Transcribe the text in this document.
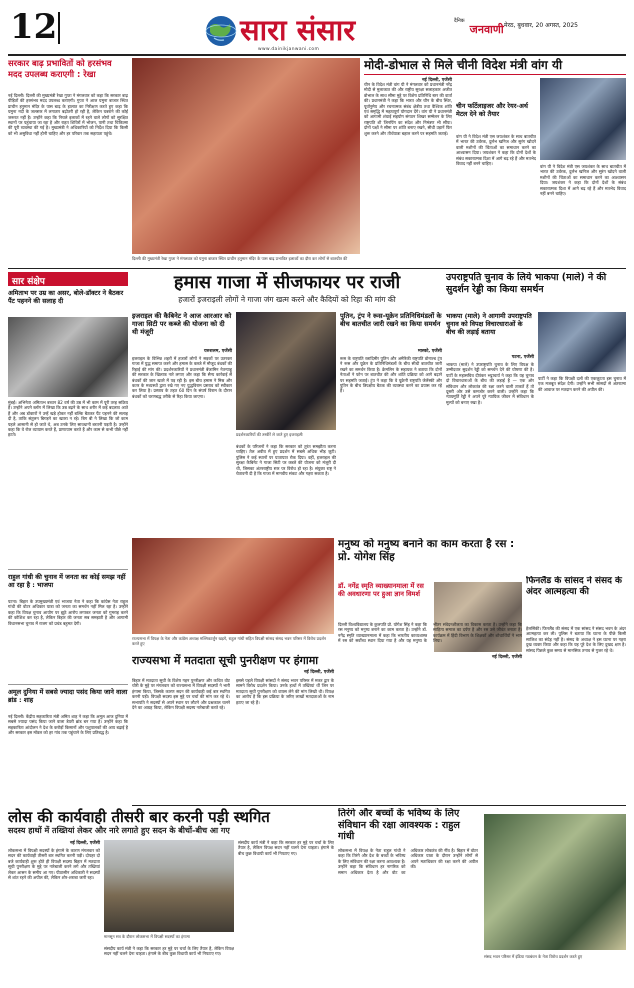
12	सारा संसार
www.dainikjanwani.com
$^{दैनिक}$ जनवाणी मेरठ, बुधवार, 20 अगस्त, 2025
सरकार बाढ़ प्रभावितों को हरसंभव मदद उपलब्ध कराएगी : रेखा
नई दिल्ली। दिल्ली की मुख्यमंत्री रेखा गुप्ता ने मंगलवार को कहा कि सरकार बाढ़ पीड़ितों की हरसंभव मदद उपलब्ध कराएगी। गुप्ता ने आज यमुना बाजार स्थित प्राचीन हनुमान मंदिर के पास बाढ़ के हालात का निरीक्षण करते हुए कहा कि यमुना नदी के जलस्तर में लगातार बढ़ोतरी हो रही है, लेकिन घबराने की कोई जरूरत नहीं है। उन्होंने कहा कि निचले इलाकों में रहने वाले लोगों को सुरक्षित स्थानों पर पहुंचाया जा रहा है और राहत शिविरों में भोजन, पानी तथा चिकित्सा की पूरी व्यवस्था की गई है। मुख्यमंत्री ने अधिकारियों को निर्देश दिया कि किसी को भी असुविधा नहीं होनी चाहिए और हर परिवार तक सहायता पहुंचे।
दिल्ली की मुख्यमंत्री रेखा गुप्ता ने मंगलवार को यमुना बाजार स्थित प्राचीन हनुमान मंदिर के पास बाढ़ प्रभावित इलाकों का दौरा कर लोगों से बातचीत की
मोदी-डोभाल से मिले चीनी विदेश मंत्री वांग यी
नई दिल्ली, एजेंसी
चीन के विदेश मंत्री वांग यी ने मंगलवार को प्रधानमंत्री नरेंद्र मोदी से मुलाकात की और राष्ट्रीय सुरक्षा सलाहकार अजीत डोभाल के साथ सीमा मुद्दे पर विशेष प्रतिनिधि स्तर की वार्ता की। प्रधानमंत्री ने कहा कि भारत और चीन के बीच स्थिर, पूर्वानुमेय और रचनात्मक संबंध क्षेत्रीय तथा वैश्विक शांति एवं समृद्धि में महत्वपूर्ण योगदान देंगे। वांग यी ने प्रधानमंत्री को आगामी शंघाई सहयोग संगठन शिखर सम्मेलन के लिए राष्ट्रपति शी जिनपिंग का संदेश और निमंत्रण भी सौंपा। दोनों पक्षों ने सीमा पर शांति बनाए रखने, सीधी उड़ानें फिर शुरू करने और तीर्थयात्रा बहाल करने पर सहमति जताई।
चीन फर्टिलाइजर और रेयर-अर्थ मेटल देने को तैयार
वांग यी ने विदेश मंत्री एस जयशंकर के साथ बातचीत में भारत की उर्वरक, दुर्लभ खनिज और सुरंग खोदने वाली मशीनों की चिंताओं का समाधान करने का आश्वासन दिया। जयशंकर ने कहा कि दोनों देशों के संबंध सकारात्मक दिशा में आगे बढ़ रहे हैं और मतभेद विवाद नहीं बनने चाहिए।
वांग यी ने विदेश मंत्री एस जयशंकर के साथ बातचीत में भारत की उर्वरक, दुर्लभ खनिज और सुरंग खोदने वाली मशीनों की चिंताओं का समाधान करने का आश्वासन दिया। जयशंकर ने कहा कि दोनों देशों के संबंध सकारात्मक दिशा में आगे बढ़ रहे हैं और मतभेद विवाद नहीं बनने चाहिए।
सार संक्षेप
अमिताभ पर उम्र का असर, बोले-डॉक्टर ने बैठकर पैंट पहनने की सलाह दी
मुंबई। अभिनेता अमिताभ बच्चन 82 वर्ष की उम्र में भी काम में पूरी तरह सक्रिय हैं। उन्होंने अपने ब्लॉग में लिखा कि उम्र बढ़ने के साथ शरीर में कई बदलाव आते हैं और अब डॉक्टरों ने उन्हें खड़े होकर नहीं बल्कि बैठकर पैंट पहनने की सलाह दी है, ताकि संतुलन बिगड़ने का खतरा न रहे। बिग बी ने लिखा कि जो काम पहले आसानी से हो जाते थे, अब उनके लिए सावधानी बरतनी पड़ती है। उन्होंने कहा कि वे रोज व्यायाम करते हैं, प्राणायाम करते हैं और काम से कभी पीछे नहीं हटते।
राहुल गांधी की चुनाव में जनता का कोई समझ नहीं आ रहा है : भाजपा
पटना। बिहार के उपमुख्यमंत्री एवं भाजपा नेता ने कहा कि कांग्रेस नेता राहुल गांधी की वोटर अधिकार यात्रा को जनता का समर्थन नहीं मिल रहा है। उन्होंने कहा कि विपक्ष चुनाव आयोग पर झूठे आरोप लगाकर जनता को गुमराह करने की कोशिश कर रहा है, लेकिन बिहार की जनता सब समझती है और आगामी विधानसभा चुनाव में राजग को प्रचंड बहुमत देगी।
अमूल दुनिया में सबसे ज्यादा पसंद किया जाने वाला ब्रांड : शाह
नई दिल्ली। केंद्रीय सहकारिता मंत्री अमित शाह ने कहा कि अमूल आज दुनिया में सबसे ज्यादा पसंद किया जाने वाला डेयरी ब्रांड बन गया है। उन्होंने कहा कि सहकारिता आंदोलन ने देश के करोड़ों किसानों और पशुपालकों की आय बढ़ाई है और सरकार इस मॉडल को हर गांव तक पहुंचाने के लिए प्रतिबद्ध है।
हमास गाजा में सीजफायर पर राजी
हजारों इजराइली लोगों ने गाजा जंग खत्म करने और कैदियों को रिहा की मांग की
इजराइल की कैबिनेट ने आज आरआर को गाजा सिटी पर कब्जे की योजना को दी थी मंजूरी
यरुशलम, एजेंसी
इजराइल के विभिन्न शहरों में हजारों लोगों ने सड़कों पर उतरकर गाजा में युद्ध समाप्त करने और हमास के कब्जे में मौजूद बंधकों की रिहाई की मांग की। प्रदर्शनकारियों ने प्रधानमंत्री बेंजामिन नेतन्याहू की सरकार के खिलाफ नारे लगाए और कहा कि सैन्य कार्रवाई से बंधकों की जान खतरे में पड़ रही है। इस बीच हमास ने मिस्र और कतर के मध्यस्थों द्वारा रखे गए नए युद्धविराम प्रस्ताव को स्वीकार कर लिया है। प्रस्ताव के तहत 60 दिन के संघर्ष विराम के दौरान बंधकों को चरणबद्ध तरीके से रिहा किया जाएगा।
प्रदर्शनकारियों की तस्वीरें ले जाते हुए इजराइली
बंधकों के परिजनों ने कहा कि सरकार को तुरंत समझौता करना चाहिए। तेल अवीव में हुए प्रदर्शन में सबसे अधिक भीड़ जुटी। पुलिस ने कई स्थानों पर यातायात रोक दिया। वहीं, इजराइल की सुरक्षा कैबिनेट ने गाजा सिटी पर कब्जे की योजना को मंजूरी दी थी, जिसका अंतरराष्ट्रीय स्तर पर विरोध हो रहा है। संयुक्त राष्ट्र ने चेतावनी दी है कि गाजा में मानवीय संकट और गहरा सकता है।
पुतिन, ट्रंप ने रूस-यूक्रेन प्रतिनिधिमंडलों के बीच बातचीत जारी रखने का किया समर्थन
मास्को, एजेंसी
रूस के राष्ट्रपति व्लादिमीर पुतिन और अमेरिकी राष्ट्रपति डोनाल्ड ट्रंप ने रूस और यूक्रेन के प्रतिनिधिमंडलों के बीच सीधी बातचीत जारी रखने का समर्थन किया है। क्रेमलिन के सहायक ने बताया कि दोनों नेताओं ने फोन पर बातचीत की और शांति प्रक्रिया को आगे बढ़ाने पर सहमति जताई। ट्रंप ने कहा कि वे यूक्रेनी राष्ट्रपति जेलेंस्की और पुतिन के बीच त्रिपक्षीय बैठक की व्यवस्था करने का प्रयास कर रहे हैं।
उपराष्ट्रपति चुनाव के लिये भाकपा (माले) ने की सुदर्शन रेड्डी का किया समर्थन
भाकपा (माले) ने आगामी उपराष्ट्रपति चुनाव को विपक्ष विचारधाराओं के बीच की लड़ाई बताया
पटना, एजेंसी
भाकपा (माले) ने उपराष्ट्रपति चुनाव के लिए विपक्ष के उम्मीदवार सुदर्शन रेड्डी को समर्थन देने की घोषणा की है। पार्टी के महासचिव दीपंकर भट्टाचार्य ने कहा कि यह चुनाव दो विचारधाराओं के बीच की लड़ाई है — एक ओर संविधान और लोकतंत्र की रक्षा करने वाली ताकतें हैं तो दूसरी ओर उसे कमजोर करने वाली। उन्होंने कहा कि न्यायमूर्ति रेड्डी ने अपने पूरे न्यायिक जीवन में संविधान के मूल्यों को बनाए रखा है।
पार्टी ने कहा कि विपक्षी दलों की एकजुटता इस चुनाव में एक मजबूत संदेश देगी। उन्होंने सभी सांसदों से अंतरात्मा की आवाज पर मतदान करने की अपील की।
मनुष्य को मनुष्य बनाने का काम करता है रस : प्रो. योगेश सिंह
डॉ. नगेंद्र स्मृति व्याख्यानमाला में रस की अवधारणा पर हुआ ज्ञान विमर्श
नई दिल्ली, एजेंसी
दिल्ली विश्वविद्यालय के कुलपति प्रो. योगेश सिंह ने कहा कि रस मनुष्य को मनुष्य बनाने का काम करता है। उन्होंने डॉ. नगेंद्र स्मृति व्याख्यानमाला में कहा कि भारतीय काव्यशास्त्र में रस को सर्वोच्च स्थान दिया गया है और यह मनुष्य के भीतर संवेदनशीलता का विकास करता है। उन्होंने कहा कि साहित्य समाज का दर्पण है और रस उसे जीवंत बनाता है। कार्यक्रम में हिंदी विभाग के शिक्षकों और शोधार्थियों ने भाग लिया।
फिनलैंड के सांसद ने संसद के अंदर आत्महत्या की
हेलसिंकी। फिनलैंड की संसद में एक सांसद ने संसद भवन के अंदर आत्महत्या कर ली। पुलिस ने बताया कि घटना के पीछे किसी साजिश का संदेह नहीं है। संसद के अध्यक्ष ने इस घटना पर गहरा दुख व्यक्त किया और कहा कि यह पूरे देश के लिए दुखद क्षण है। सांसद पिछले कुछ समय से मानसिक तनाव से गुजर रहे थे।
राज्यसभा में विपक्ष के नेता और कांग्रेस अध्यक्ष मल्लिकार्जुन खड़गे, राहुल गांधी सहित विपक्षी सांसद संसद भवन परिसर में विरोध प्रदर्शन करते हुए
राज्यसभा में मतदाता सूची पुनरीक्षण पर हंगामा
नई दिल्ली, एजेंसी
बिहार में मतदाता सूची के विशेष गहन पुनरीक्षण और कथित वोट चोरी के मुद्दे पर मंगलवार को राज्यसभा में विपक्षी सदस्यों ने भारी हंगामा किया, जिसके कारण सदन की कार्यवाही कई बार स्थगित करनी पड़ी। विपक्षी सदस्य इस मुद्दे पर चर्चा की मांग कर रहे थे। सभापति ने सदस्यों से अपने स्थान पर लौटने और प्रश्नकाल चलने देने का आग्रह किया, लेकिन विपक्षी सदस्य नारेबाजी करते रहे।
इससे पहले विपक्षी सांसदों ने संसद भवन परिसर में मकर द्वार के सामने विरोध प्रदर्शन किया। उनके हाथों में तख्तियां थीं जिन पर मतदाता सूची पुनरीक्षण को वापस लेने की मांग लिखी थी। विपक्ष का आरोप है कि इस प्रक्रिया के जरिए लाखों मतदाताओं के नाम हटाए जा रहे हैं।
लोस की कार्यवाही तीसरी बार करनी पड़ी स्थगित
सदस्य हाथों में तख्तियां लेकर और नारे लगाते हुए सदन के बीचों-बीच आ गए
नई दिल्ली, एजेंसी
लोकसभा में विपक्षी सदस्यों के हंगामे के कारण मंगलवार को सदन की कार्यवाही तीसरी बार स्थगित करनी पड़ी। दोपहर दो बजे कार्यवाही शुरू होते ही विपक्षी सदस्य बिहार में मतदाता सूची पुनरीक्षण के मुद्दे पर नारेबाजी करने लगे और तख्तियां लेकर आसन के समीप आ गए। पीठासीन अधिकारी ने सदस्यों से शांत रहने की अपील की, लेकिन शोर-शराबा जारी रहा।
मानसून सत्र के दौरान लोकसभा में विपक्षी सदस्यों का हंगामा
संसदीय कार्य मंत्री ने कहा कि सरकार हर मुद्दे पर चर्चा के लिए तैयार है, लेकिन विपक्ष सदन नहीं चलने देना चाहता। हंगामे के बीच कुछ विधायी कार्य भी निपटाए गए।
संसदीय कार्य मंत्री ने कहा कि सरकार हर मुद्दे पर चर्चा के लिए तैयार है, लेकिन विपक्ष सदन नहीं चलने देना चाहता। हंगामे के बीच कुछ विधायी कार्य भी निपटाए गए।
तिरंगे और बच्चों के भविष्य के लिए संविधान की रक्षा आवश्यक : राहुल गांधी
लोकसभा में विपक्ष के नेता राहुल गांधी ने कहा कि तिरंगे और देश के बच्चों के भविष्य के लिए संविधान की रक्षा करना आवश्यक है। उन्होंने कहा कि संविधान हर नागरिक को समान अधिकार देता है और वोट का अधिकार लोकतंत्र की नींव है। बिहार में वोटर अधिकार यात्रा के दौरान उन्होंने लोगों से अपने मताधिकार की रक्षा करने की अपील की।
संसद भवन परिसर में इंडिया गठबंधन के नेता विरोध प्रदर्शन करते हुए
